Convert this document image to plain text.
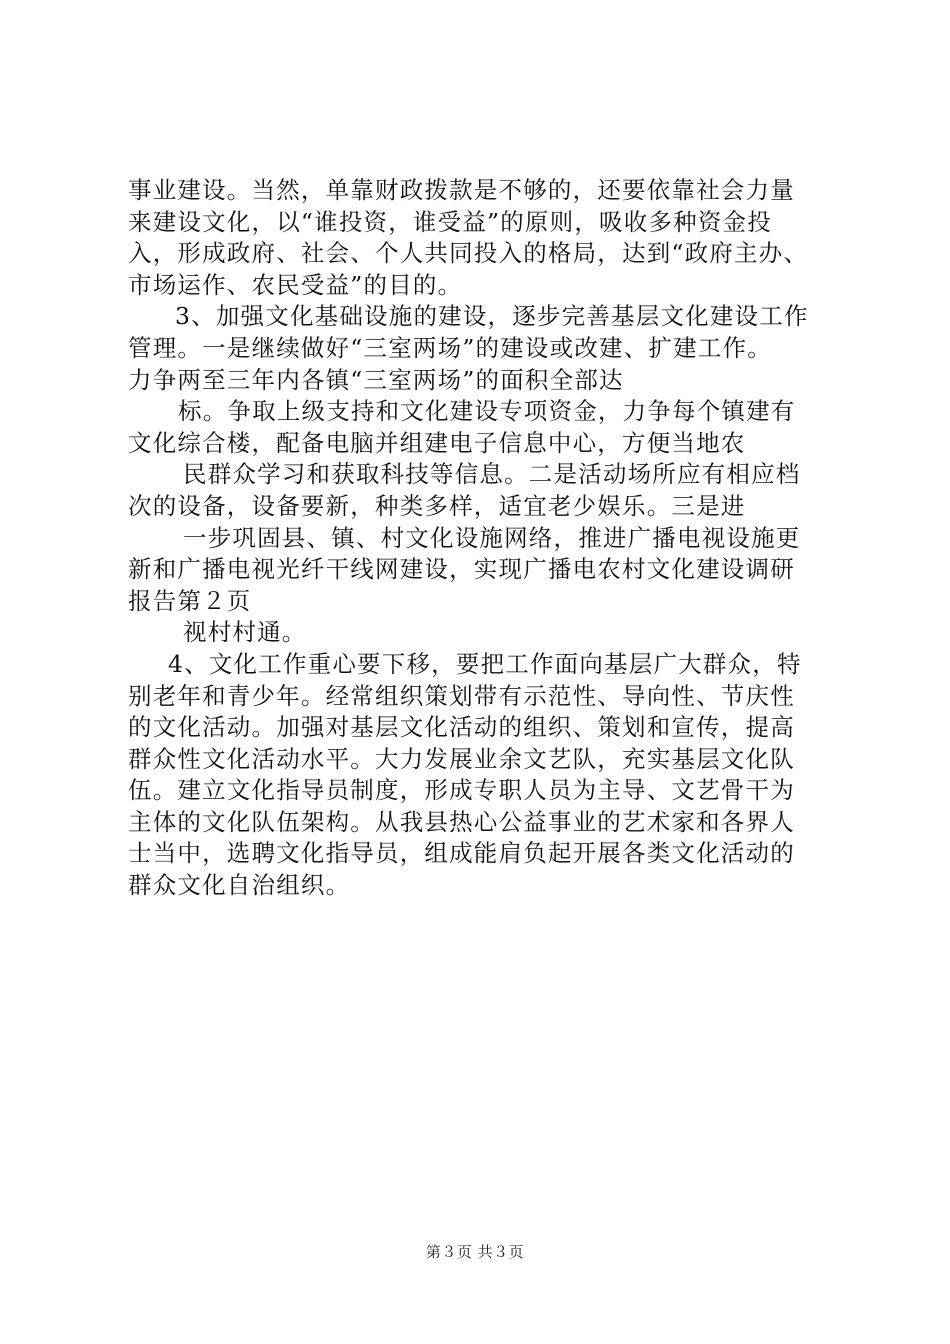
事业建设。当然，单靠财政拨款是不够的，还要依靠社会力量
来建设文化，以“谁投资，谁受益”的原则，吸收多种资金投
入，形成政府、社会、个人共同投入的格局，达到“政府主办、
市场运作、农民受益”的目的。
3、加强文化基础设施的建设，逐步完善基层文化建设工作
管理。一是继续做好“三室两场”的建设或改建、扩建工作。
力争两至三年内各镇“三室两场”的面积全部达
标。争取上级支持和文化建设专项资金，力争每个镇建有
文化综合楼，配备电脑并组建电子信息中心，方便当地农
民群众学习和获取科技等信息。二是活动场所应有相应档
次的设备，设备要新，种类多样，适宜老少娱乐。三是进
一步巩固县、镇、村文化设施网络，推进广播电视设施更
新和广播电视光纤干线网建设，实现广播电农村文化建设调研
报告第２页
视村村通。
4、文化工作重心要下移，要把工作面向基层广大群众，特
别老年和青少年。经常组织策划带有示范性、导向性、节庆性
的文化活动。加强对基层文化活动的组织、策划和宣传，提高
群众性文化活动水平。大力发展业余文艺队，充实基层文化队
伍。建立文化指导员制度，形成专职人员为主导、文艺骨干为
主体的文化队伍架构。从我县热心公益事业的艺术家和各界人
士当中，选聘文化指导员，组成能肩负起开展各类文化活动的
群众文化自治组织。
第３页 共３页
